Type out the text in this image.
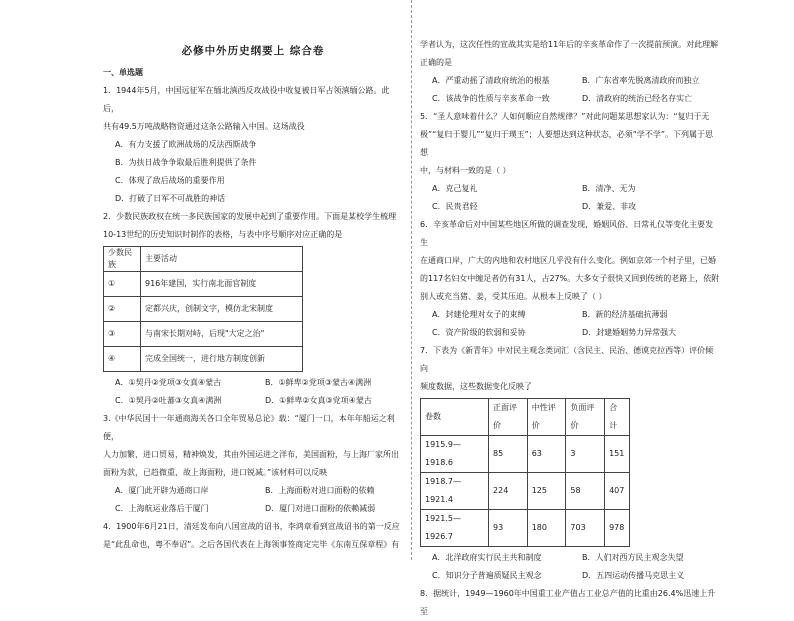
必修中外历史纲要上 综合卷

一、单选题

1．1944年5月，中国远征军在缅北滇西反攻战役中收复被日军占领滇缅公路。此后，

共有49.5万吨战略物资通过这条公路输入中国。这场战役

A．有力支援了欧洲战场的反法西斯战争

B．为扶日战争争取最后胜利提供了条件

C．体现了敌后战场的重要作用

D．打破了日军不可战胜的神话

2．少数民族政权在统一多民族国家的发展中起到了重要作用。下面是某校学生梳理

10-13世纪的历史知识时制作的表格，与表中序号顺序对应正确的是

少数民族	主要活动
①	916年建国，实行南北面官制度
②	定都兴庆，创制文字，模仿北宋制度
③	与南宋长期对峙，后现"大定之治"
④	完成全国统一，进行地方制度创新
A．①契丹②党项③女真④蒙古	B．①鲜卑②党项③蒙古④满洲
C．①契丹②吐蕃③女真④满洲	D．①鲜卑②女真③党项④蒙古

3.《中华民国十一年通商海关各口全年贸易总论》载：“厦门一口，本年年船运之利便，

人力加繁，进口贸易，精神焕发，其由外国运进之洋布，美国面粉，与上海厂家所出

面粉为款，已趋微重，故上海面粉，进口锐减。”该材料可以反映

A．厦门此开辟为通商口岸	B．上海面粉对进口面粉的依赖
C．上海航运业落后于厦门	D．厦门对进口面粉的依赖减弱

4．1900年6月21日，清廷发布向八国宣战的诏书，李鸿章看到宣战诏书的第一反应

是“此乱命也，粤不奉诏”。之后各国代表在上海领事签商定完毕《东南互保章程》有

学者认为，这次任性的宣战其实是给11年后的辛亥革命作了一次提前预演。对此理解

正确的是

A．严重动摇了清政府统治的根基	B．广东省率先脱离清政府而独立
C．该战争的性质与辛亥革命一致	D．清政府的统治已经名存实亡

5．“圣人意味着什么？人如何顺应自然规律？”对此问题某思想家认为：“复归于无

极”“复归于婴儿”“复归于璞玉”；人要想达到这种状态，必须“学不学”。下列属于思想

中，与材料一致的是（ ）

A．克己复礼	B．清净、无为
C．民贵君轻	D．兼爱、非攻

6．辛亥革命后对中国某些地区所做的调查发现，婚姻风俗、日常礼仪等变化主要发生

在通商口岸，广大的内地和农村地区几乎没有什么变化。例如京郊一个村子里，已婚

的117名妇女中缠足者仍有31人，占27%。大多女子很快又回到传统的老路上，依附

别人或充当猪、姜，受其压迫。从根本上反映了（ ）

A．封建伦理对女子的束缚	B．新的经济基础抗薄弱
C．资产阶级的软弱和妥协	D．封建婚姻势力异常强大

7．下表为《新青年》中对民主观念类词汇（含民主、民治、德谟克拉西等）评价倾向

频度数据，这些数据变化反映了

卷数	正面评价	中性评价	负面评价	合计
1915.9—1918.6	85	63	3	151
1918.7—1921.4	224	125	58	407
1921.5—1926.7	93	180	703	978
A．北洋政府实行民主共和制度	B．人们对西方民主观念失望
C．知识分子普遍质疑民主观念	D．五四运动传播马克思主义

8．据统计，1949—1960年中国重工业产值占工业总产值的比重由26.4%迅速上升至
